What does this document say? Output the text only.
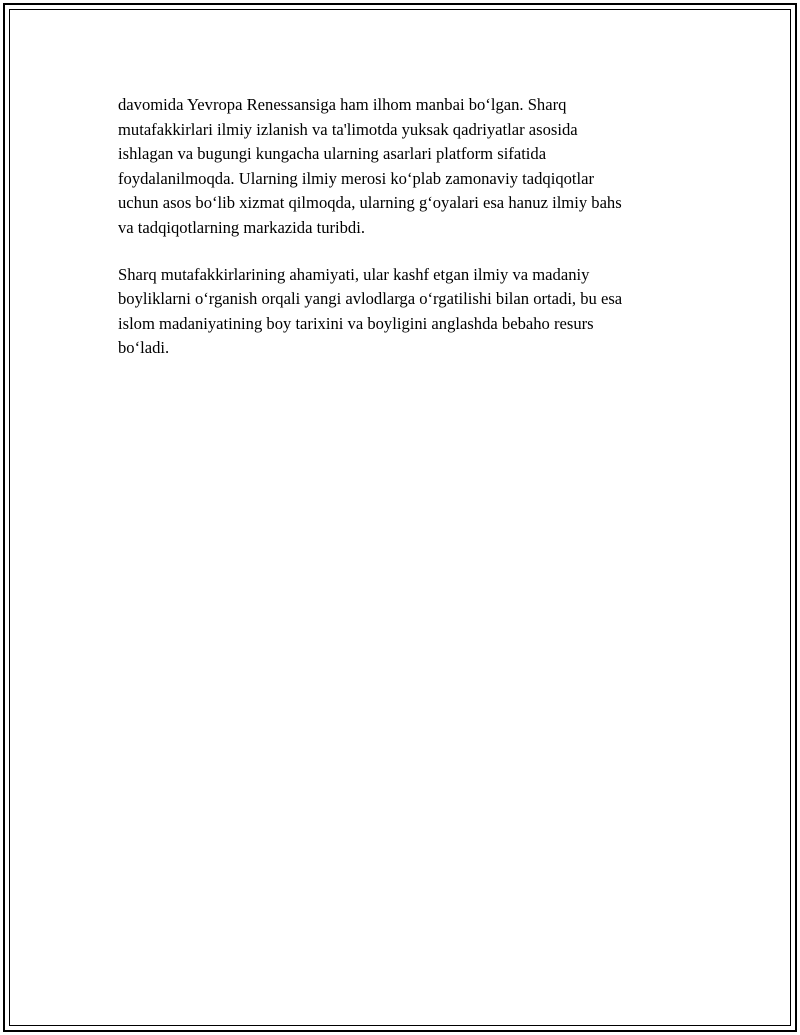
davomida Yevropa Renessansiga ham ilhom manbai bo‘lgan. Sharq
mutafakkirlari ilmiy izlanish va ta'limotda yuksak qadriyatlar asosida
ishlagan va bugungi kungacha ularning asarlari platform sifatida
foydalanilmoqda. Ularning ilmiy merosi ko‘plab zamonaviy tadqiqotlar
uchun asos bo‘lib xizmat qilmoqda, ularning g‘oyalari esa hanuz ilmiy bahs
va tadqiqotlarning markazida turibdi.

Sharq mutafakkirlarining ahamiyati, ular kashf etgan ilmiy va madaniy
boyliklarni o‘rganish orqali yangi avlodlarga o‘rgatilishi bilan ortadi, bu esa
islom madaniyatining boy tarixini va boyligini anglashda bebaho resurs
bo‘ladi.
